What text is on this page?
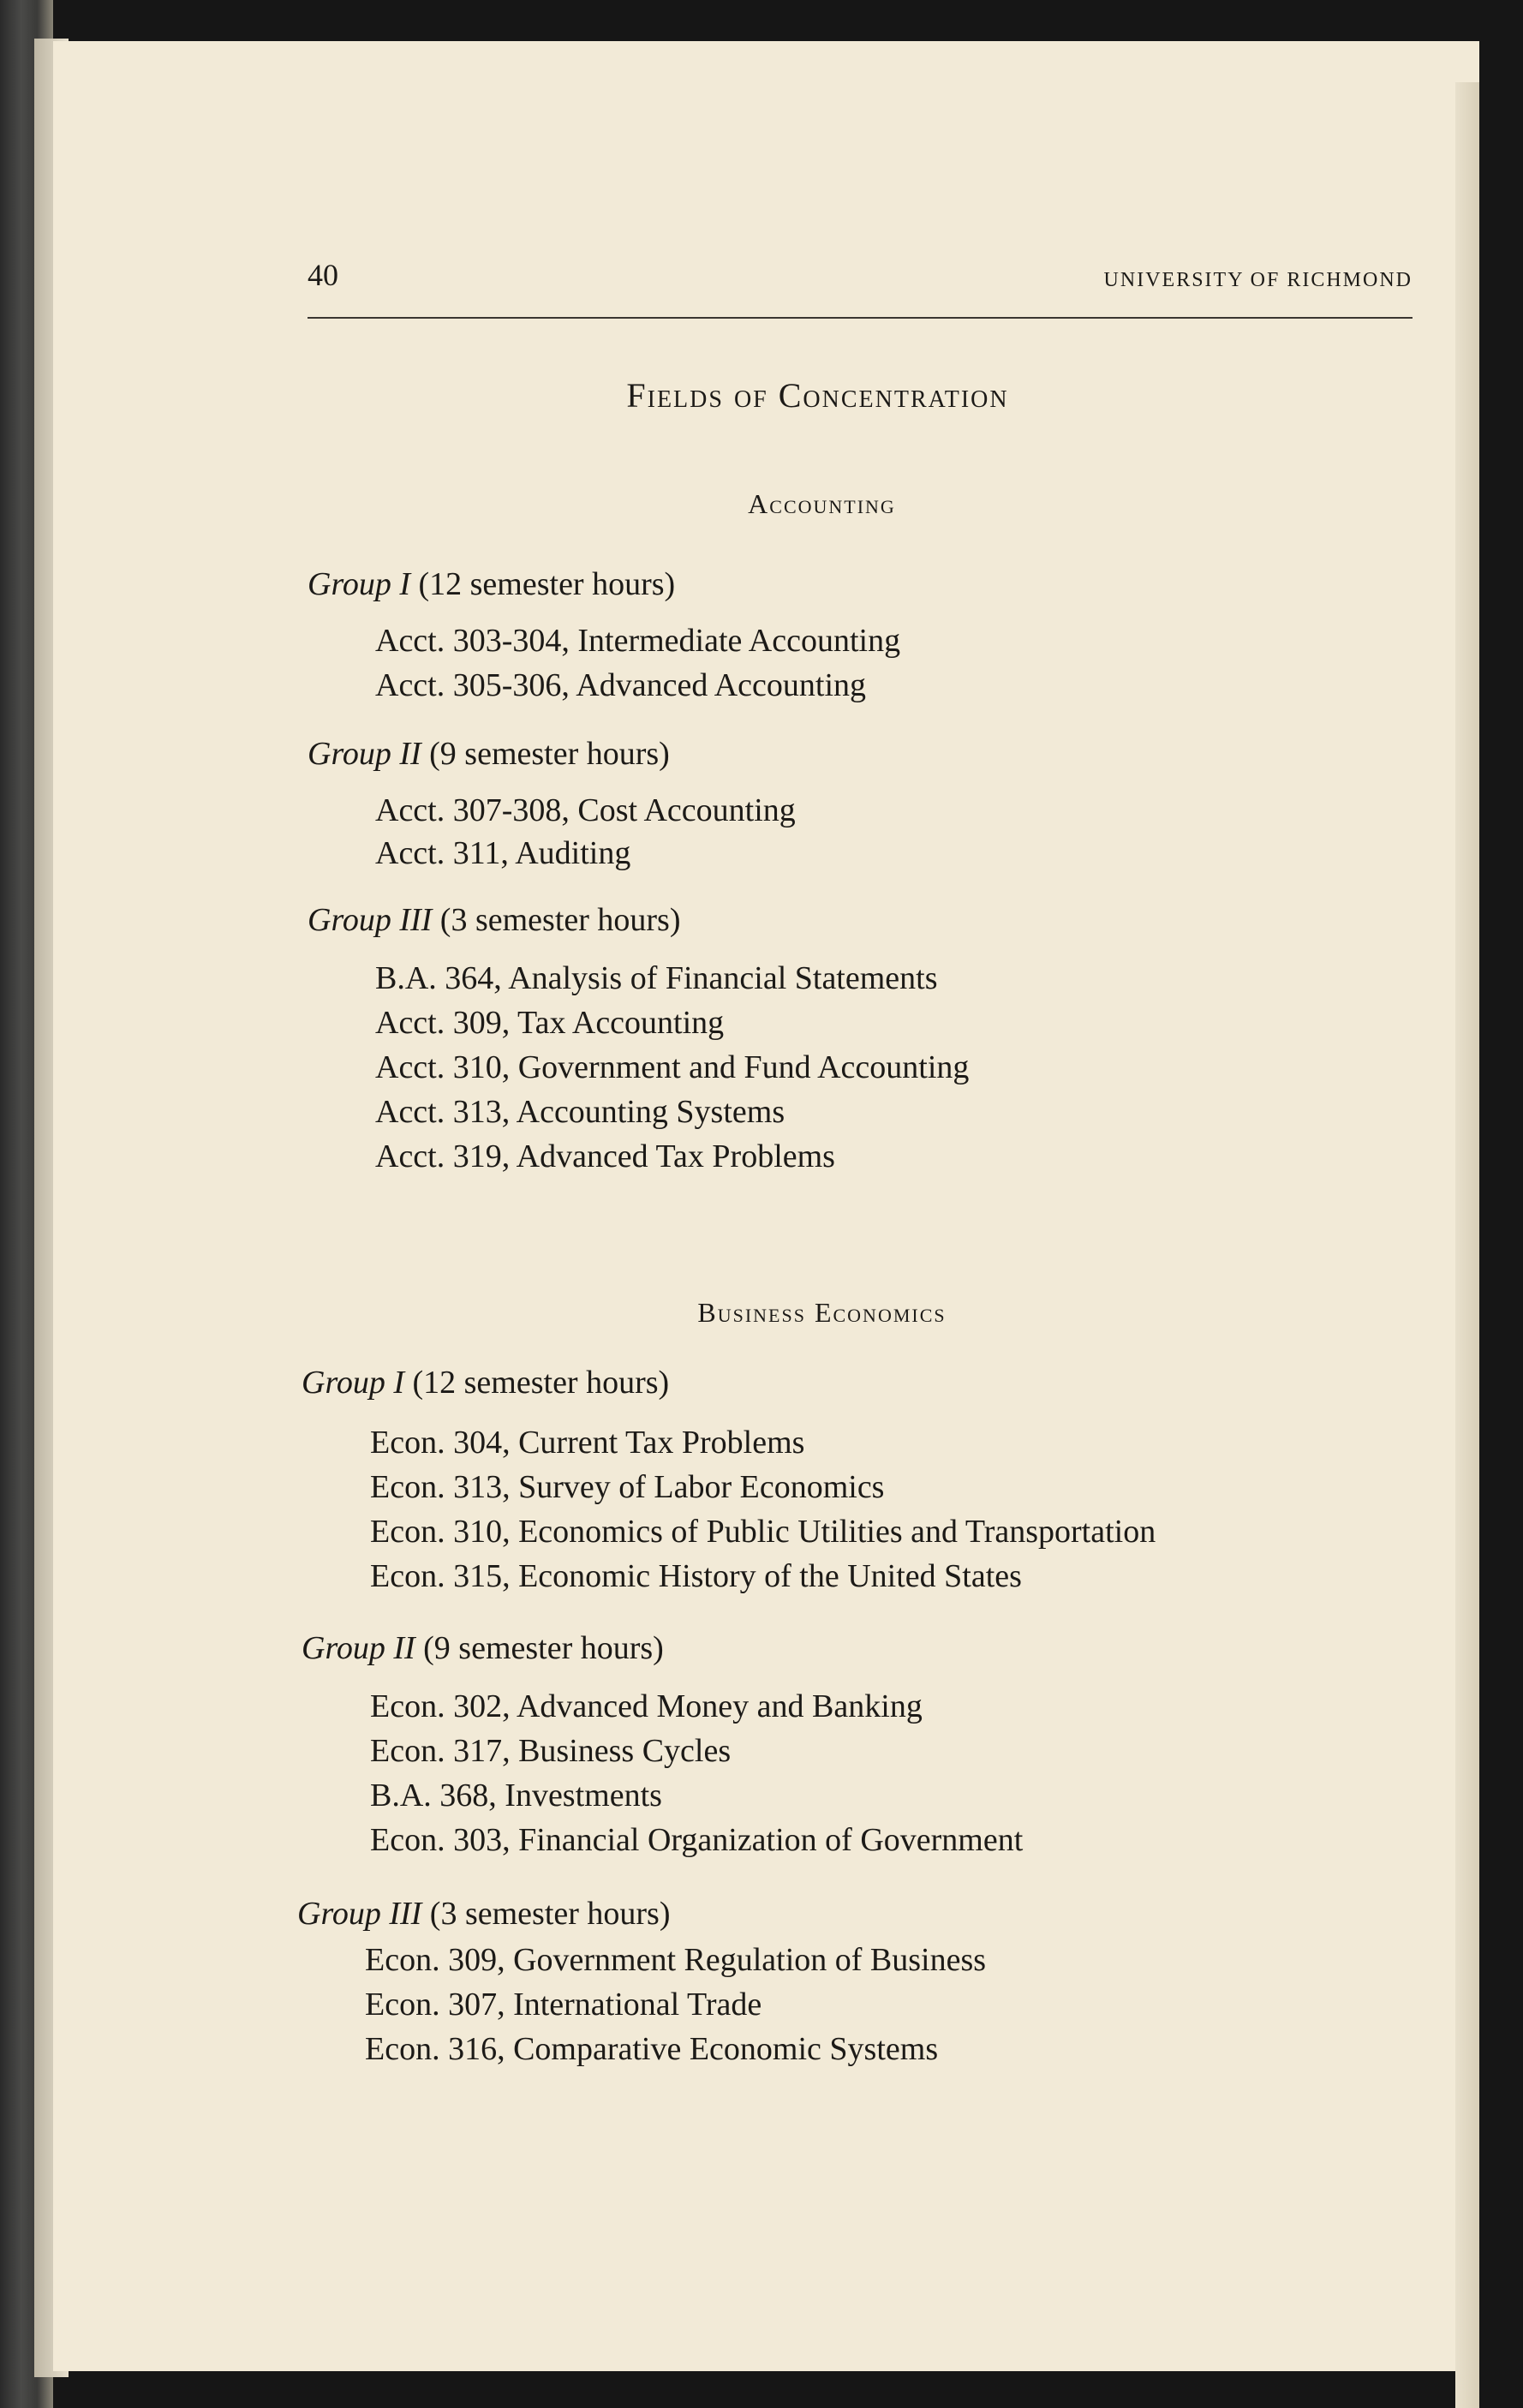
40	UNIVERSITY OF RICHMOND
Fields of Concentration
Accounting
Group I (12 semester hours)
Acct. 303-304, Intermediate Accounting
Acct. 305-306, Advanced Accounting
Group II (9 semester hours)
Acct. 307-308, Cost Accounting
Acct. 311, Auditing
Group III (3 semester hours)
B.A. 364, Analysis of Financial Statements
Acct. 309, Tax Accounting
Acct. 310, Government and Fund Accounting
Acct. 313, Accounting Systems
Acct. 319, Advanced Tax Problems
Business Economics
Group I (12 semester hours)
Econ. 304, Current Tax Problems
Econ. 313, Survey of Labor Economics
Econ. 310, Economics of Public Utilities and Transportation
Econ. 315, Economic History of the United States
Group II (9 semester hours)
Econ. 302, Advanced Money and Banking
Econ. 317, Business Cycles
B.A. 368, Investments
Econ. 303, Financial Organization of Government
Group III (3 semester hours)
Econ. 309, Government Regulation of Business
Econ. 307, International Trade
Econ. 316, Comparative Economic Systems
